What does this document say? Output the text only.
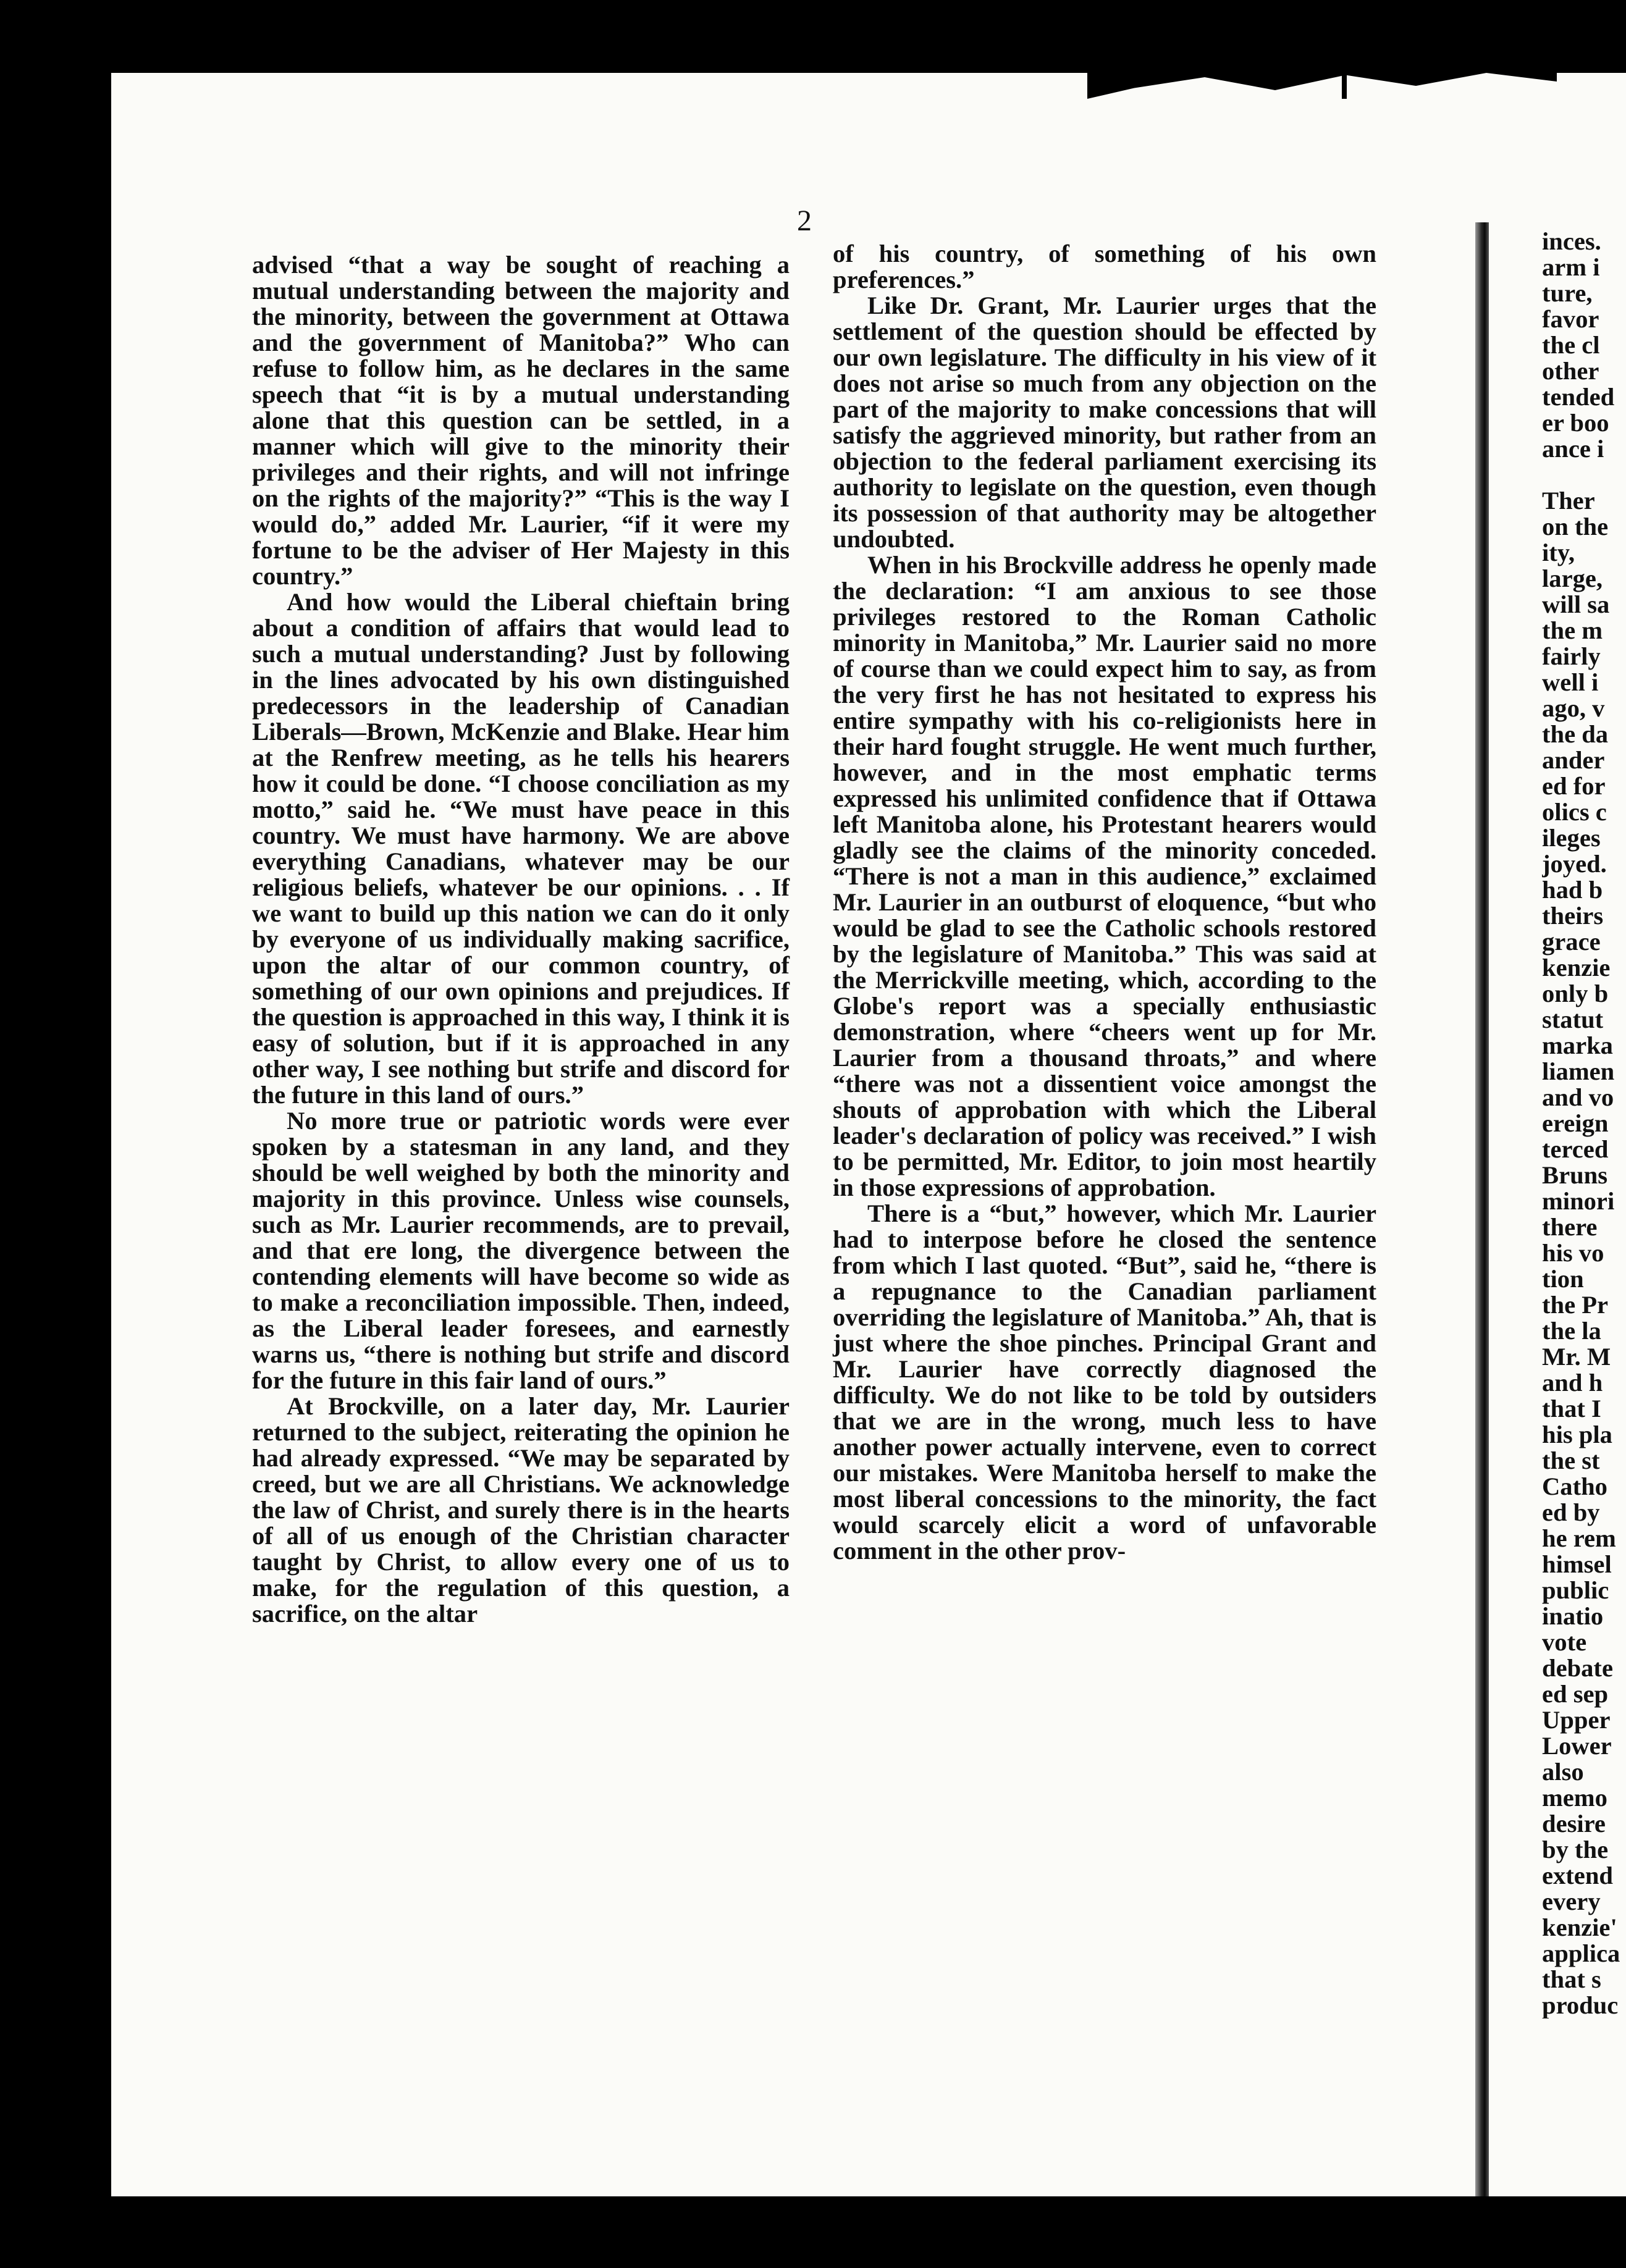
2

advised “that a way be sought of reaching a mutual understanding between the majority and the minority, between the government at Ottawa and the government of Manitoba?” Who can refuse to follow him, as he declares in the same speech that “it is by a mutual understanding alone that this question can be settled, in a manner which will give to the minority their privileges and their rights, and will not infringe on the rights of the majority?” “This is the way I would do,” added Mr. Laurier, “if it were my fortune to be the adviser of Her Majesty in this country.”

And how would the Liberal chieftain bring about a condition of affairs that would lead to such a mutual understanding? Just by following in the lines advocated by his own distinguished predecessors in the leadership of Canadian Liberals—Brown, McKenzie and Blake. Hear him at the Renfrew meeting, as he tells his hearers how it could be done. “I choose conciliation as my motto,” said he. “We must have peace in this country. We must have harmony. We are above everything Canadians, whatever may be our religious beliefs, whatever be our opinions. . . If we want to build up this nation we can do it only by everyone of us individually making sacrifice, upon the altar of our common country, of something of our own opinions and prejudices. If the question is approached in this way, I think it is easy of solution, but if it is approached in any other way, I see nothing but strife and discord for the future in this land of ours.”

No more true or patriotic words were ever spoken by a statesman in any land, and they should be well weighed by both the minority and majority in this province. Unless wise counsels, such as Mr. Laurier recommends, are to prevail, and that ere long, the divergence between the contending elements will have become so wide as to make a reconciliation impossible. Then, indeed, as the Liberal leader foresees, and earnestly warns us, “there is nothing but strife and discord for the future in this fair land of ours.”

At Brockville, on a later day, Mr. Laurier returned to the subject, reiterating the opinion he had already expressed. “We may be separated by creed, but we are all Christians. We acknowledge the law of Christ, and surely there is in the hearts of all of us enough of the Christian character taught by Christ, to allow every one of us to make, for the regulation of this question, a sacrifice, on the altar

of his country, of something of his own preferences.”

Like Dr. Grant, Mr. Laurier urges that the settlement of the question should be effected by our own legislature. The difficulty in his view of it does not arise so much from any objection on the part of the majority to make concessions that will satisfy the aggrieved minority, but rather from an objection to the federal parliament exercising its authority to legislate on the question, even though its possession of that authority may be altogether undoubted.

When in his Brockville address he openly made the declaration: “I am anxious to see those privileges restored to the Roman Catholic minority in Manitoba,” Mr. Laurier said no more of course than we could expect him to say, as from the very first he has not hesitated to express his entire sympathy with his co-religionists here in their hard fought struggle. He went much further, however, and in the most emphatic terms expressed his unlimited confidence that if Ottawa left Manitoba alone, his Protestant hearers would gladly see the claims of the minority conceded. “There is not a man in this audience,” exclaimed Mr. Laurier in an outburst of eloquence, “but who would be glad to see the Catholic schools restored by the legislature of Manitoba.” This was said at the Merrickville meeting, which, according to the Globe's report was a specially enthusiastic demonstration, where “cheers went up for Mr. Laurier from a thousand throats,” and where “there was not a dissentient voice amongst the shouts of approbation with which the Liberal leader's declaration of policy was received.” I wish to be permitted, Mr. Editor, to join most heartily in those expressions of approbation.

There is a “but,” however, which Mr. Laurier had to interpose before he closed the sentence from which I last quoted. “But”, said he, “there is a repugnance to the Canadian parliament overriding the legislature of Manitoba.” Ah, that is just where the shoe pinches. Principal Grant and Mr. Laurier have correctly diagnosed the difficulty. We do not like to be told by outsiders that we are in the wrong, much less to have another power actually intervene, even to correct our mistakes. Were Manitoba herself to make the most liberal concessions to the minority, the fact would scarcely elicit a word of unfavorable comment in the other prov-

inces.
arm i
ture,
favor
the cl
other
tended
er boo
ance i
Ther
on the
ity,
large,
will sa
the m
fairly
well i
ago, v
the da
ander
ed for
olics c
ileges
joyed.
had b
theirs
grace
kenzie
only b
statut
marka
liamen
and vo
ereign
terced
Bruns
minori
there
his vo
tion
the Pr
the la
Mr. M
and h
that I
his pla
the st
Catho
ed by
he rem
himsel
public
inatio
vote
debate
ed sep
Upper
Lower
also
memo
desire
by the
extend
every
kenzie'
applica
that s
produc
